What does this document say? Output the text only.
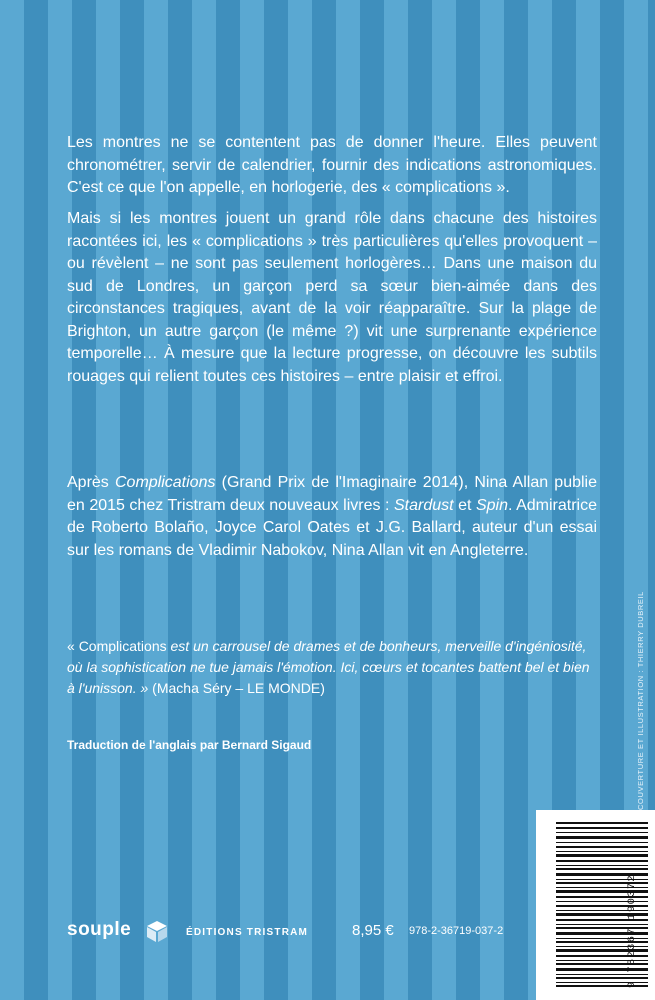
Les montres ne se contentent pas de donner l'heure. Elles peuvent chronométrer, servir de calendrier, fournir des indications astronomiques. C'est ce que l'on appelle, en horlogerie, des « complications ».

Mais si les montres jouent un grand rôle dans chacune des histoires racontées ici, les « complications » très particulières qu'elles provoquent – ou révèlent – ne sont pas seulement horlogères… Dans une maison du sud de Londres, un garçon perd sa sœur bien-aimée dans des circonstances tragiques, avant de la voir réapparaître. Sur la plage de Brighton, un autre garçon (le même ?) vit une surprenante expérience temporelle… À mesure que la lecture progresse, on découvre les subtils rouages qui relient toutes ces histoires – entre plaisir et effroi.

Après Complications (Grand Prix de l'Imaginaire 2014), Nina Allan publie en 2015 chez Tristram deux nouveaux livres : Stardust et Spin. Admiratrice de Roberto Bolaño, Joyce Carol Oates et J.G. Ballard, auteur d'un essai sur les romans de Vladimir Nabokov, Nina Allan vit en Angleterre.

« Complications est un carrousel de drames et de bonheurs, merveille d'ingéniosité, où la sophistication ne tue jamais l'émotion. Ici, cœurs et tocantes battent bel et bien à l'unisson. » (Macha Séry – LE MONDE)

Traduction de l'anglais par Bernard Sigaud	COUVERTURE ET ILLUSTRATION : THIERRY DUBREIL
9 782367 190372
souple	ÉDITIONS TRISTRAM	8,95 € 978-2-36719-037-2
